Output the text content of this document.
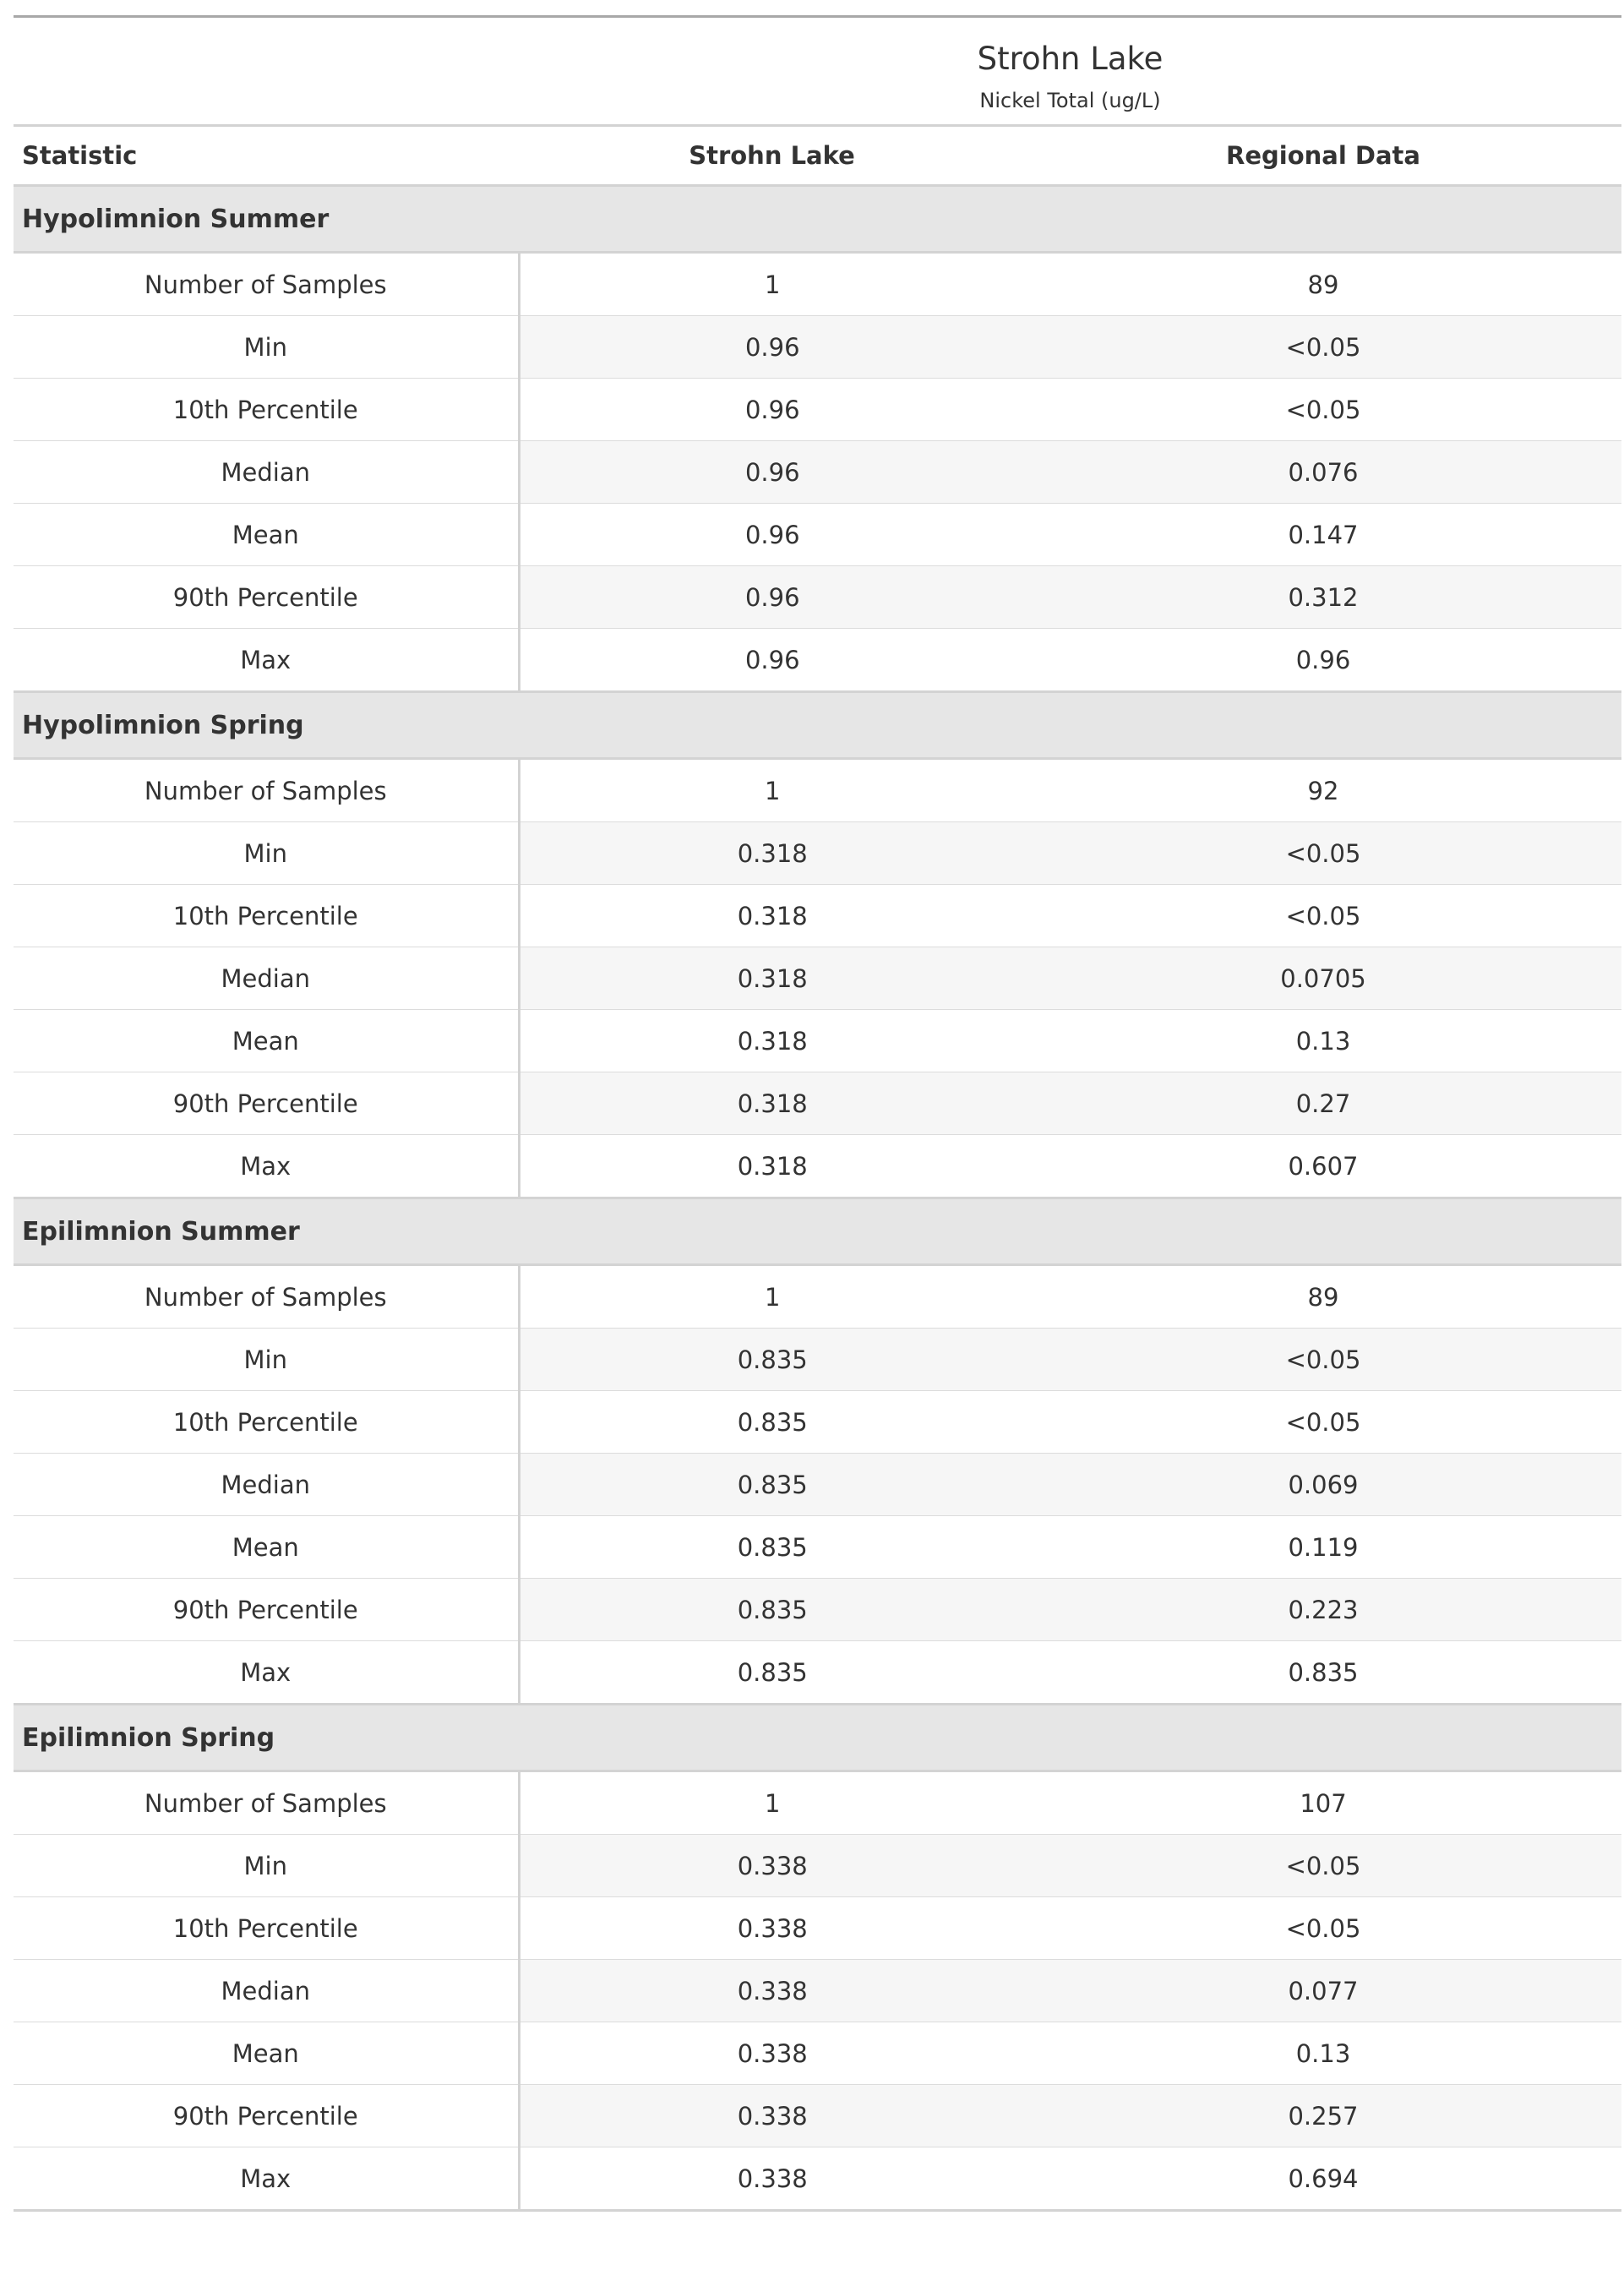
	Strohn Lake	
	Nickel Total (ug/L)	
Statistic	Strohn Lake	Regional Data
Hypolimnion Summer		
Number of Samples	1	89
Min	0.96	<0.05
10th Percentile	0.96	<0.05
Median	0.96	0.076
Mean	0.96	0.147
90th Percentile	0.96	0.312
Max	0.96	0.96
Hypolimnion Spring		
Number of Samples	1	92
Min	0.318	<0.05
10th Percentile	0.318	<0.05
Median	0.318	0.0705
Mean	0.318	0.13
90th Percentile	0.318	0.27
Max	0.318	0.607
Epilimnion Summer		
Number of Samples	1	89
Min	0.835	<0.05
10th Percentile	0.835	<0.05
Median	0.835	0.069
Mean	0.835	0.119
90th Percentile	0.835	0.223
Max	0.835	0.835
Epilimnion Spring		
Number of Samples	1	107
Min	0.338	<0.05
10th Percentile	0.338	<0.05
Median	0.338	0.077
Mean	0.338	0.13
90th Percentile	0.338	0.257
Max	0.338	0.694
